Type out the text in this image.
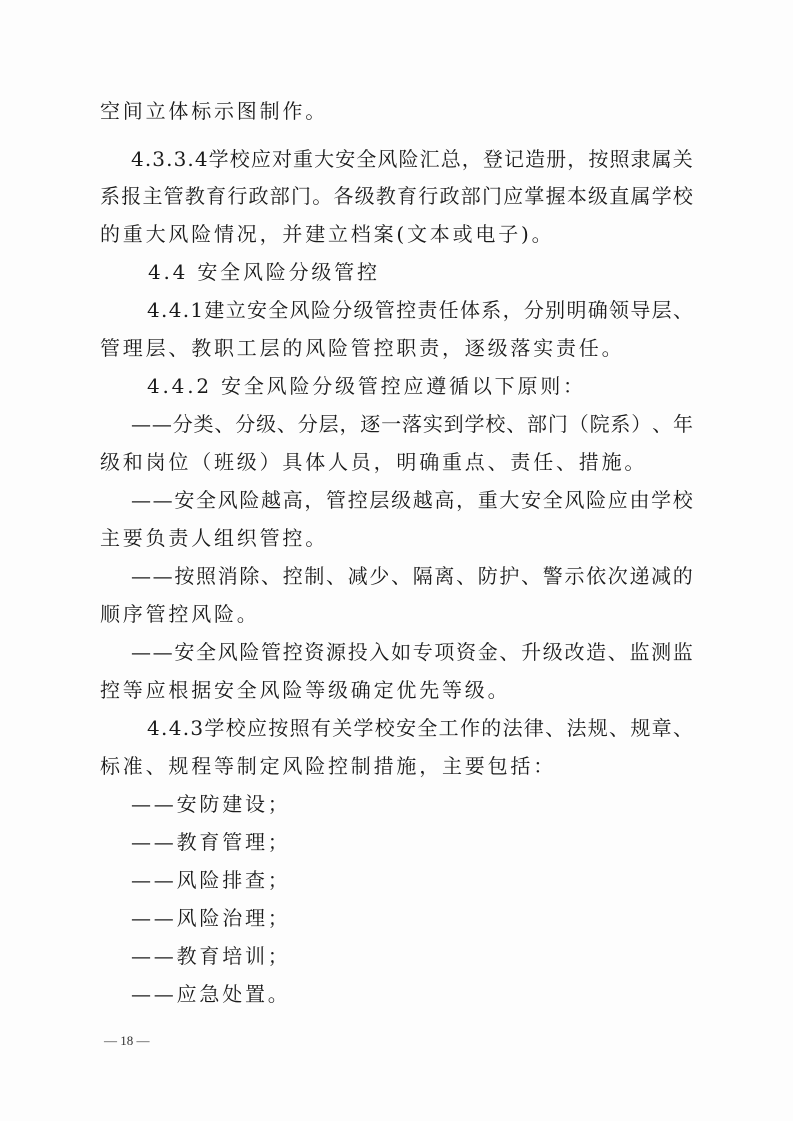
空间立体标示图制作。
4 . 3 . 3 . 4 学 校 应 对 重 大 安 全 风 险 汇 总 ， 登 记 造 册 ， 按 照 隶 属 关
系 报 主 管 教 育 行 政 部 门 。 各 级 教 育 行 政 部 门 应 掌 握 本 级 直 属 学 校
的重大风险情况，并建立档案(文本或电子)。
4.4 安全风险分级管控
4 . 4 . 1 建 立 安 全 风 险 分 级 管 控 责 任 体 系 ， 分 别 明 确 领 导 层 、
管理层、教职工层的风险管控职责，逐级落实责任。
4.4.2 安全风险分级管控应遵循以下原则：
— — 分 类 、 分 级 、 分 层 ， 逐 一 落 实 到 学 校 、 部 门 （ 院 系 ） 、 年
级和岗位（班级）具体人员，明确重点、责任、措施。
— — 安 全 风 险 越 高 ， 管 控 层 级 越 高 ， 重 大 安 全 风 险 应 由 学 校
主要负责人组织管控。
— — 按 照 消 除 、 控 制 、 减 少 、 隔 离 、 防 护 、 警 示 依 次 递 减 的
顺序管控风险。
— — 安 全 风 险 管 控 资 源 投 入 如 专 项 资 金 、 升 级 改 造 、 监 测 监
控等应根据安全风险等级确定优先等级。
4 . 4 . 3 学 校 应 按 照 有 关 学 校 安 全 工 作 的 法 律 、 法 规 、 规 章 、
标准、规程等制定风险控制措施，主要包括：
——安防建设；
——教育管理；
——风险排查；
——风险治理；
——教育培训；
——应急处置。
— 18 —
